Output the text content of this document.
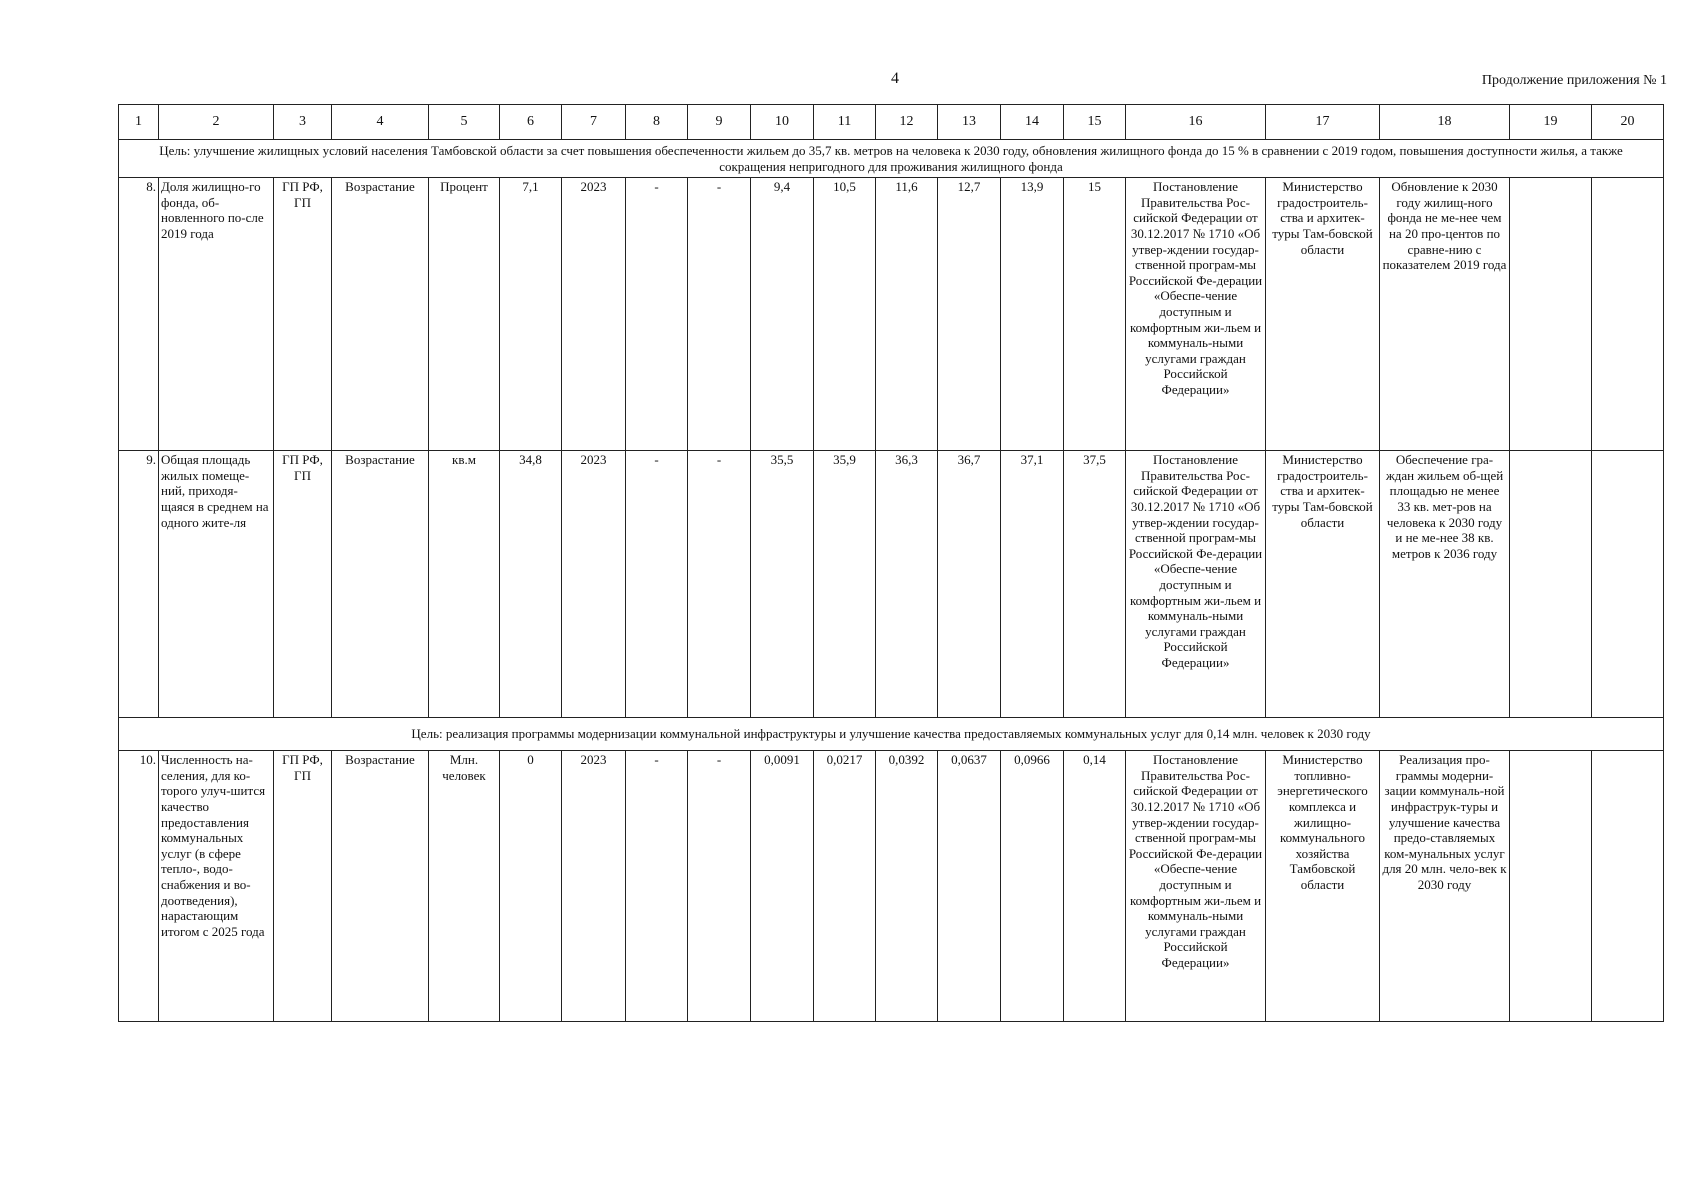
4	Продолжение приложения № 1
1	2	3	4	5	6	7	8	9	10	11	12	13	14	15	16	17	18	19	20
Цель: улучшение жилищных условий населения Тамбовской области за счет повышения обеспеченности жильем до 35,7 кв. метров на человека к 2030 году, обновления жилищного фонда до 15 % в сравнении с 2019 годом, повышения доступности жилья, а также сокращения непригодного для проживания жилищного фонда																			
8.	Доля жилищно-го фонда, об-новленного по-сле 2019 года	ГП РФ, ГП	Возрастание	Процент	7,1	2023	-	-	9,4	10,5	11,6	12,7	13,9	15	Постановление Правительства Рос-сийской Федерации от 30.12.2017 № 1710 «Об утвер-ждении государ-ственной програм-мы Российской Фе-дерации «Обеспе-чение доступным и комфортным жи-льем и коммуналь-ными услугами граждан Российской Федерации»	Министерство градостроитель-ства и архитек-туры Там-бовской области	Обновление к 2030 году жилищ-ного фонда не ме-нее чем на 20 про-центов по сравне-нию с показателем 2019 года		
9.	Общая площадь жилых помеще-ний, приходя-щаяся в среднем на одного жите-ля	ГП РФ, ГП	Возрастание	кв.м	34,8	2023	-	-	35,5	35,9	36,3	36,7	37,1	37,5	Постановление Правительства Рос-сийской Федерации от 30.12.2017 № 1710 «Об утвер-ждении государ-ственной програм-мы Российской Фе-дерации «Обеспе-чение доступным и комфортным жи-льем и коммуналь-ными услугами граждан Российской Федерации»	Министерство градостроитель-ства и архитек-туры Там-бовской области	Обеспечение гра-ждан жильем об-щей площадью не менее 33 кв. мет-ров на человека к 2030 году и не ме-нее 38 кв. метров к 2036 году		
Цель: реализация программы модернизации коммунальной инфраструктуры и улучшение качества предоставляемых коммунальных услуг для 0,14 млн. человек к 2030 году																			
10.	Численность на-селения, для ко-торого улуч-шится качество предоставления коммунальных услуг (в сфере тепло-, водо-снабжения и во-доотведения), нарастающим итогом с 2025 года	ГП РФ, ГП	Возрастание	Млн. человек	0	2023	-	-	0,0091	0,0217	0,0392	0,0637	0,0966	0,14	Постановление Правительства Рос-сийской Федерации от 30.12.2017 № 1710 «Об утвер-ждении государ-ственной програм-мы Российской Фе-дерации «Обеспе-чение доступным и комфортным жи-льем и коммуналь-ными услугами граждан Российской Федерации»	Министерство топливно-энергетического комплекса и жилищно-коммунального хозяйства Тамбовской области	Реализация про-граммы модерни-зации коммуналь-ной инфраструк-туры и улучшение качества предо-ставляемых ком-мунальных услуг для 20 млн. чело-век к 2030 году		
